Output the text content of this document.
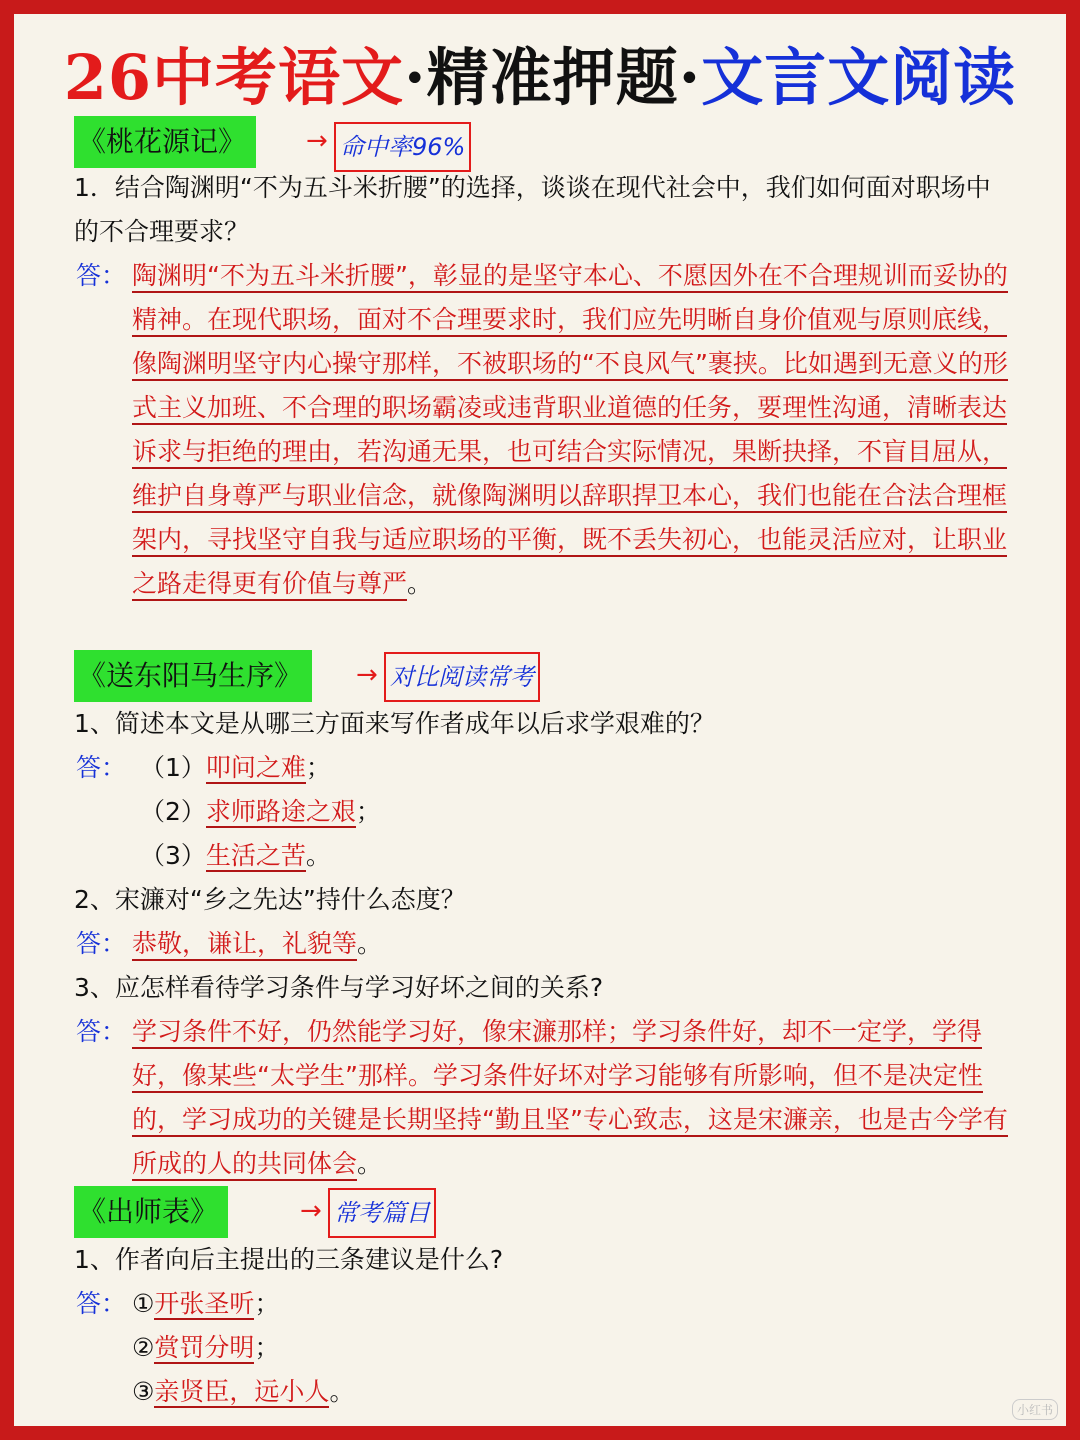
26中考语文·精准押题·文言文阅读
《桃花源记》	→ 命中率96%
1．结合陶渊明“不为五斗米折腰”的选择，谈谈在现代社会中，我们如何面对职场中的不合理要求？
答： 陶渊明“不为五斗米折腰”，彰显的是坚守本心、不愿因外在不合理规训而妥协的精神。在现代职场，面对不合理要求时，我们应先明晰自身价值观与原则底线，像陶渊明坚守内心操守那样，不被职场的“不良风气”裹挟。比如遇到无意义的形式主义加班、不合理的职场霸凌或违背职业道德的任务，要理性沟通，清晰表达诉求与拒绝的理由，若沟通无果，也可结合实际情况，果断抉择，不盲目屈从，维护自身尊严与职业信念，就像陶渊明以辞职捍卫本心，我们也能在合法合理框架内，寻找坚守自我与适应职场的平衡，既不丢失初心，也能灵活应对，让职业之路走得更有价值与尊严。
《送东阳马生序》	→ 对比阅读常考
1、简述本文是从哪三方面来写作者成年以后求学艰难的？
答： （1）叩问之难；
（2）求师路途之艰；
（3）生活之苦。
2、宋濂对“乡之先达”持什么态度？
答： 恭敬，谦让，礼貌等。
3、应怎样看待学习条件与学习好坏之间的关系?
答： 学习条件不好，仍然能学习好，像宋濂那样；学习条件好，却不一定学，学得好，像某些“太学生”那样。学习条件好坏对学习能够有所影响，但不是决定性的，学习成功的关键是长期坚持“勤且坚”专心致志，这是宋濂亲，也是古今学有所成的人的共同体会。
《出师表》	→ 常考篇目
1、作者向后主提出的三条建议是什么?
答： ①开张圣听；
②赏罚分明；
③亲贤臣，远小人。
小红书
